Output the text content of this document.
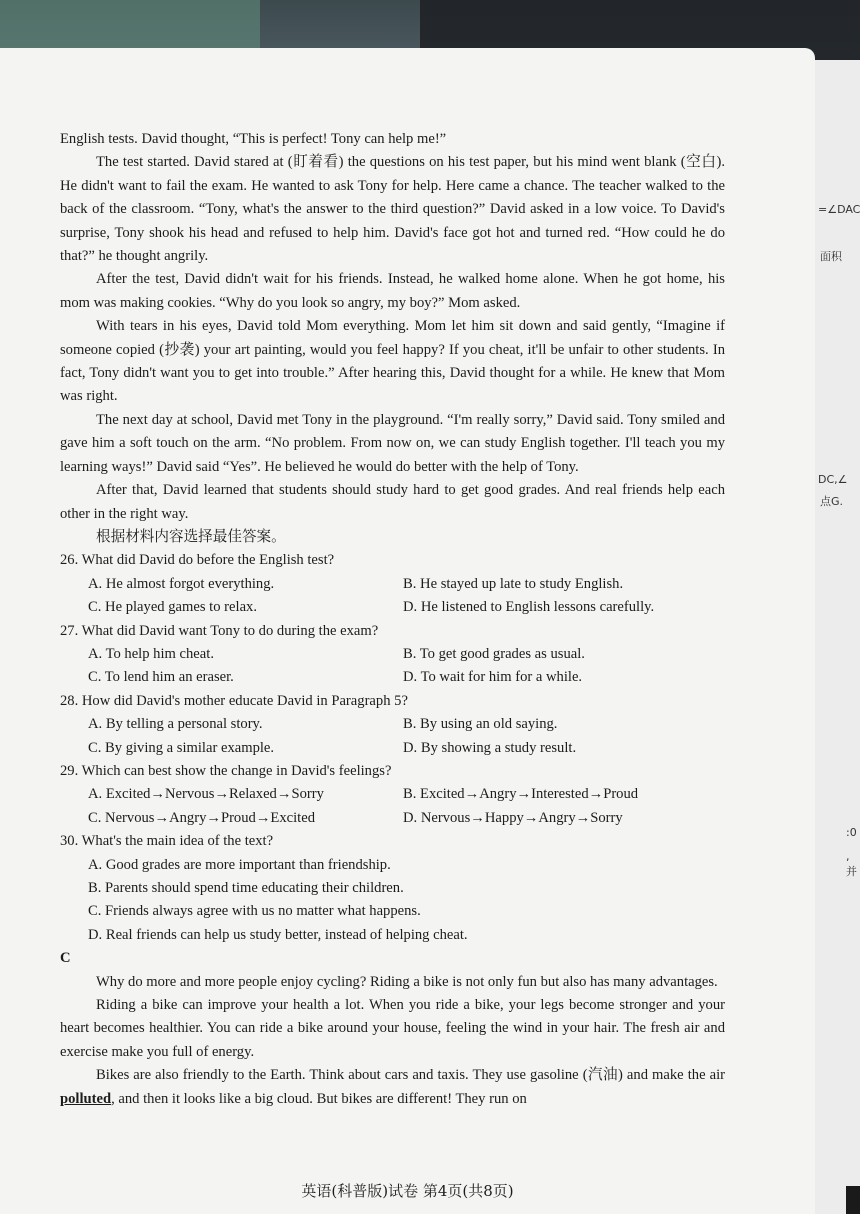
=∠DAC
面积
DC,∠
点G.
:0
,并

English tests. David thought, “This is perfect! Tony can help me!”

The test started. David stared at (盯着看) the questions on his test paper, but his mind went blank (空白). He didn't want to fail the exam. He wanted to ask Tony for help. Here came a chance. The teacher walked to the back of the classroom. “Tony, what's the answer to the third question?” David asked in a low voice. To David's surprise, Tony shook his head and refused to help him. David's face got hot and turned red. “How could he do that?” he thought angrily.

After the test, David didn't wait for his friends. Instead, he walked home alone. When he got home, his mom was making cookies. “Why do you look so angry, my boy?” Mom asked.

With tears in his eyes, David told Mom everything. Mom let him sit down and said gently, “Imagine if someone copied (抄袭) your art painting, would you feel happy? If you cheat, it'll be unfair to other students. In fact, Tony didn't want you to get into trouble.” After hearing this, David thought for a while. He knew that Mom was right.

The next day at school, David met Tony in the playground. “I'm really sorry,” David said. Tony smiled and gave him a soft touch on the arm. “No problem. From now on, we can study English together. I'll teach you my learning ways!” David said “Yes”. He believed he would do better with the help of Tony.

After that, David learned that students should study hard to get good grades. And real friends help each other in the right way.

根据材料内容选择最佳答案。

26. What did David do before the English test?
A. He almost forgot everything.	B. He stayed up late to study English.
C. He played games to relax.	D. He listened to English lessons carefully.
27. What did David want Tony to do during the exam?
A. To help him cheat.	B. To get good grades as usual.
C. To lend him an eraser.	D. To wait for him for a while.
28. How did David's mother educate David in Paragraph 5?
A. By telling a personal story.	B. By using an old saying.
C. By giving a similar example.	D. By showing a study result.
29. Which can best show the change in David's feelings?
A. Excited→Nervous→Relaxed→Sorry	B. Excited→Angry→Interested→Proud
C. Nervous→Angry→Proud→Excited	D. Nervous→Happy→Angry→Sorry
30. What's the main idea of the text?
A. Good grades are more important than friendship.
B. Parents should spend time educating their children.
C. Friends always agree with us no matter what happens.
D. Real friends can help us study better, instead of helping cheat.

C

Why do more and more people enjoy cycling? Riding a bike is not only fun but also has many advantages.

Riding a bike can improve your health a lot. When you ride a bike, your legs become stronger and your heart becomes healthier. You can ride a bike around your house, feeling the wind in your hair. The fresh air and exercise make you full of energy.

Bikes are also friendly to the Earth. Think about cars and taxis. They use gasoline (汽油) and make the air polluted, and then it looks like a big cloud. But bikes are different! They run on

英语(科普版)试卷 第4页(共8页)
